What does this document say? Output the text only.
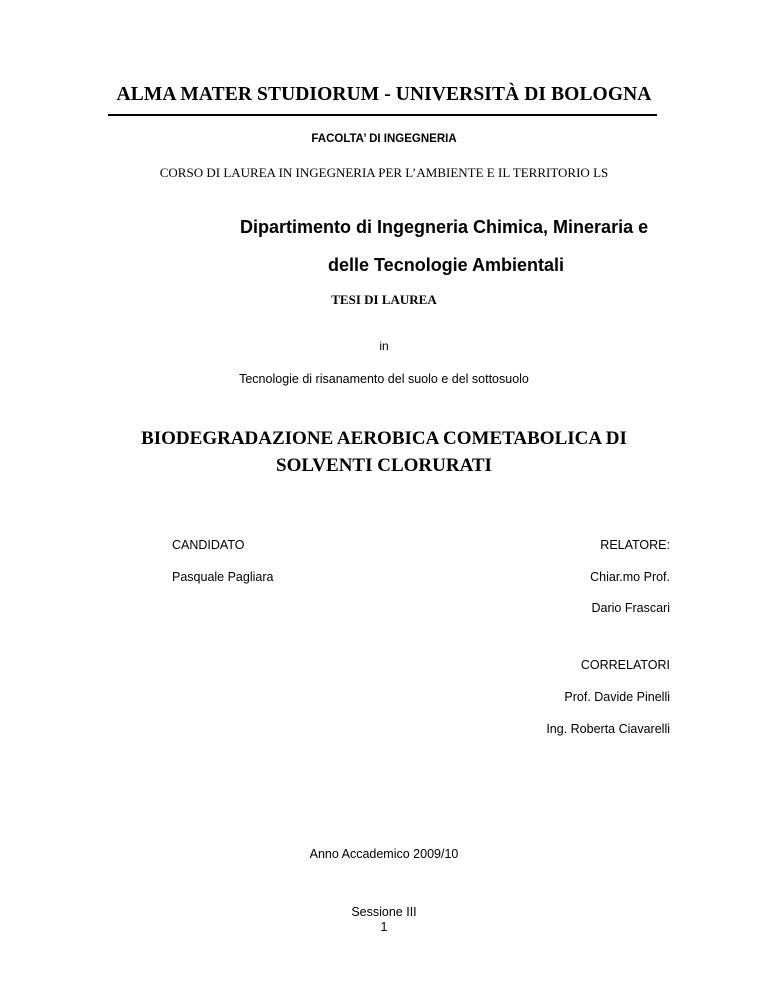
ALMA MATER STUDIORUM - UNIVERSITÀ DI BOLOGNA
FACOLTA’ DI INGEGNERIA
CORSO DI LAUREA IN INGEGNERIA PER L’AMBIENTE E IL TERRITORIO LS
Dipartimento di Ingegneria Chimica, Mineraria e
delle Tecnologie Ambientali
TESI DI LAUREA
in
Tecnologie di risanamento del suolo e del sottosuolo
BIODEGRADAZIONE AEROBICA COMETABOLICA DI
SOLVENTI CLORURATI
CANDIDATO
Pasquale Pagliara
RELATORE:
Chiar.mo Prof.
Dario Frascari
CORRELATORI
Prof. Davide Pinelli
Ing. Roberta Ciavarelli
Anno Accademico 2009/10
Sessione III
1
